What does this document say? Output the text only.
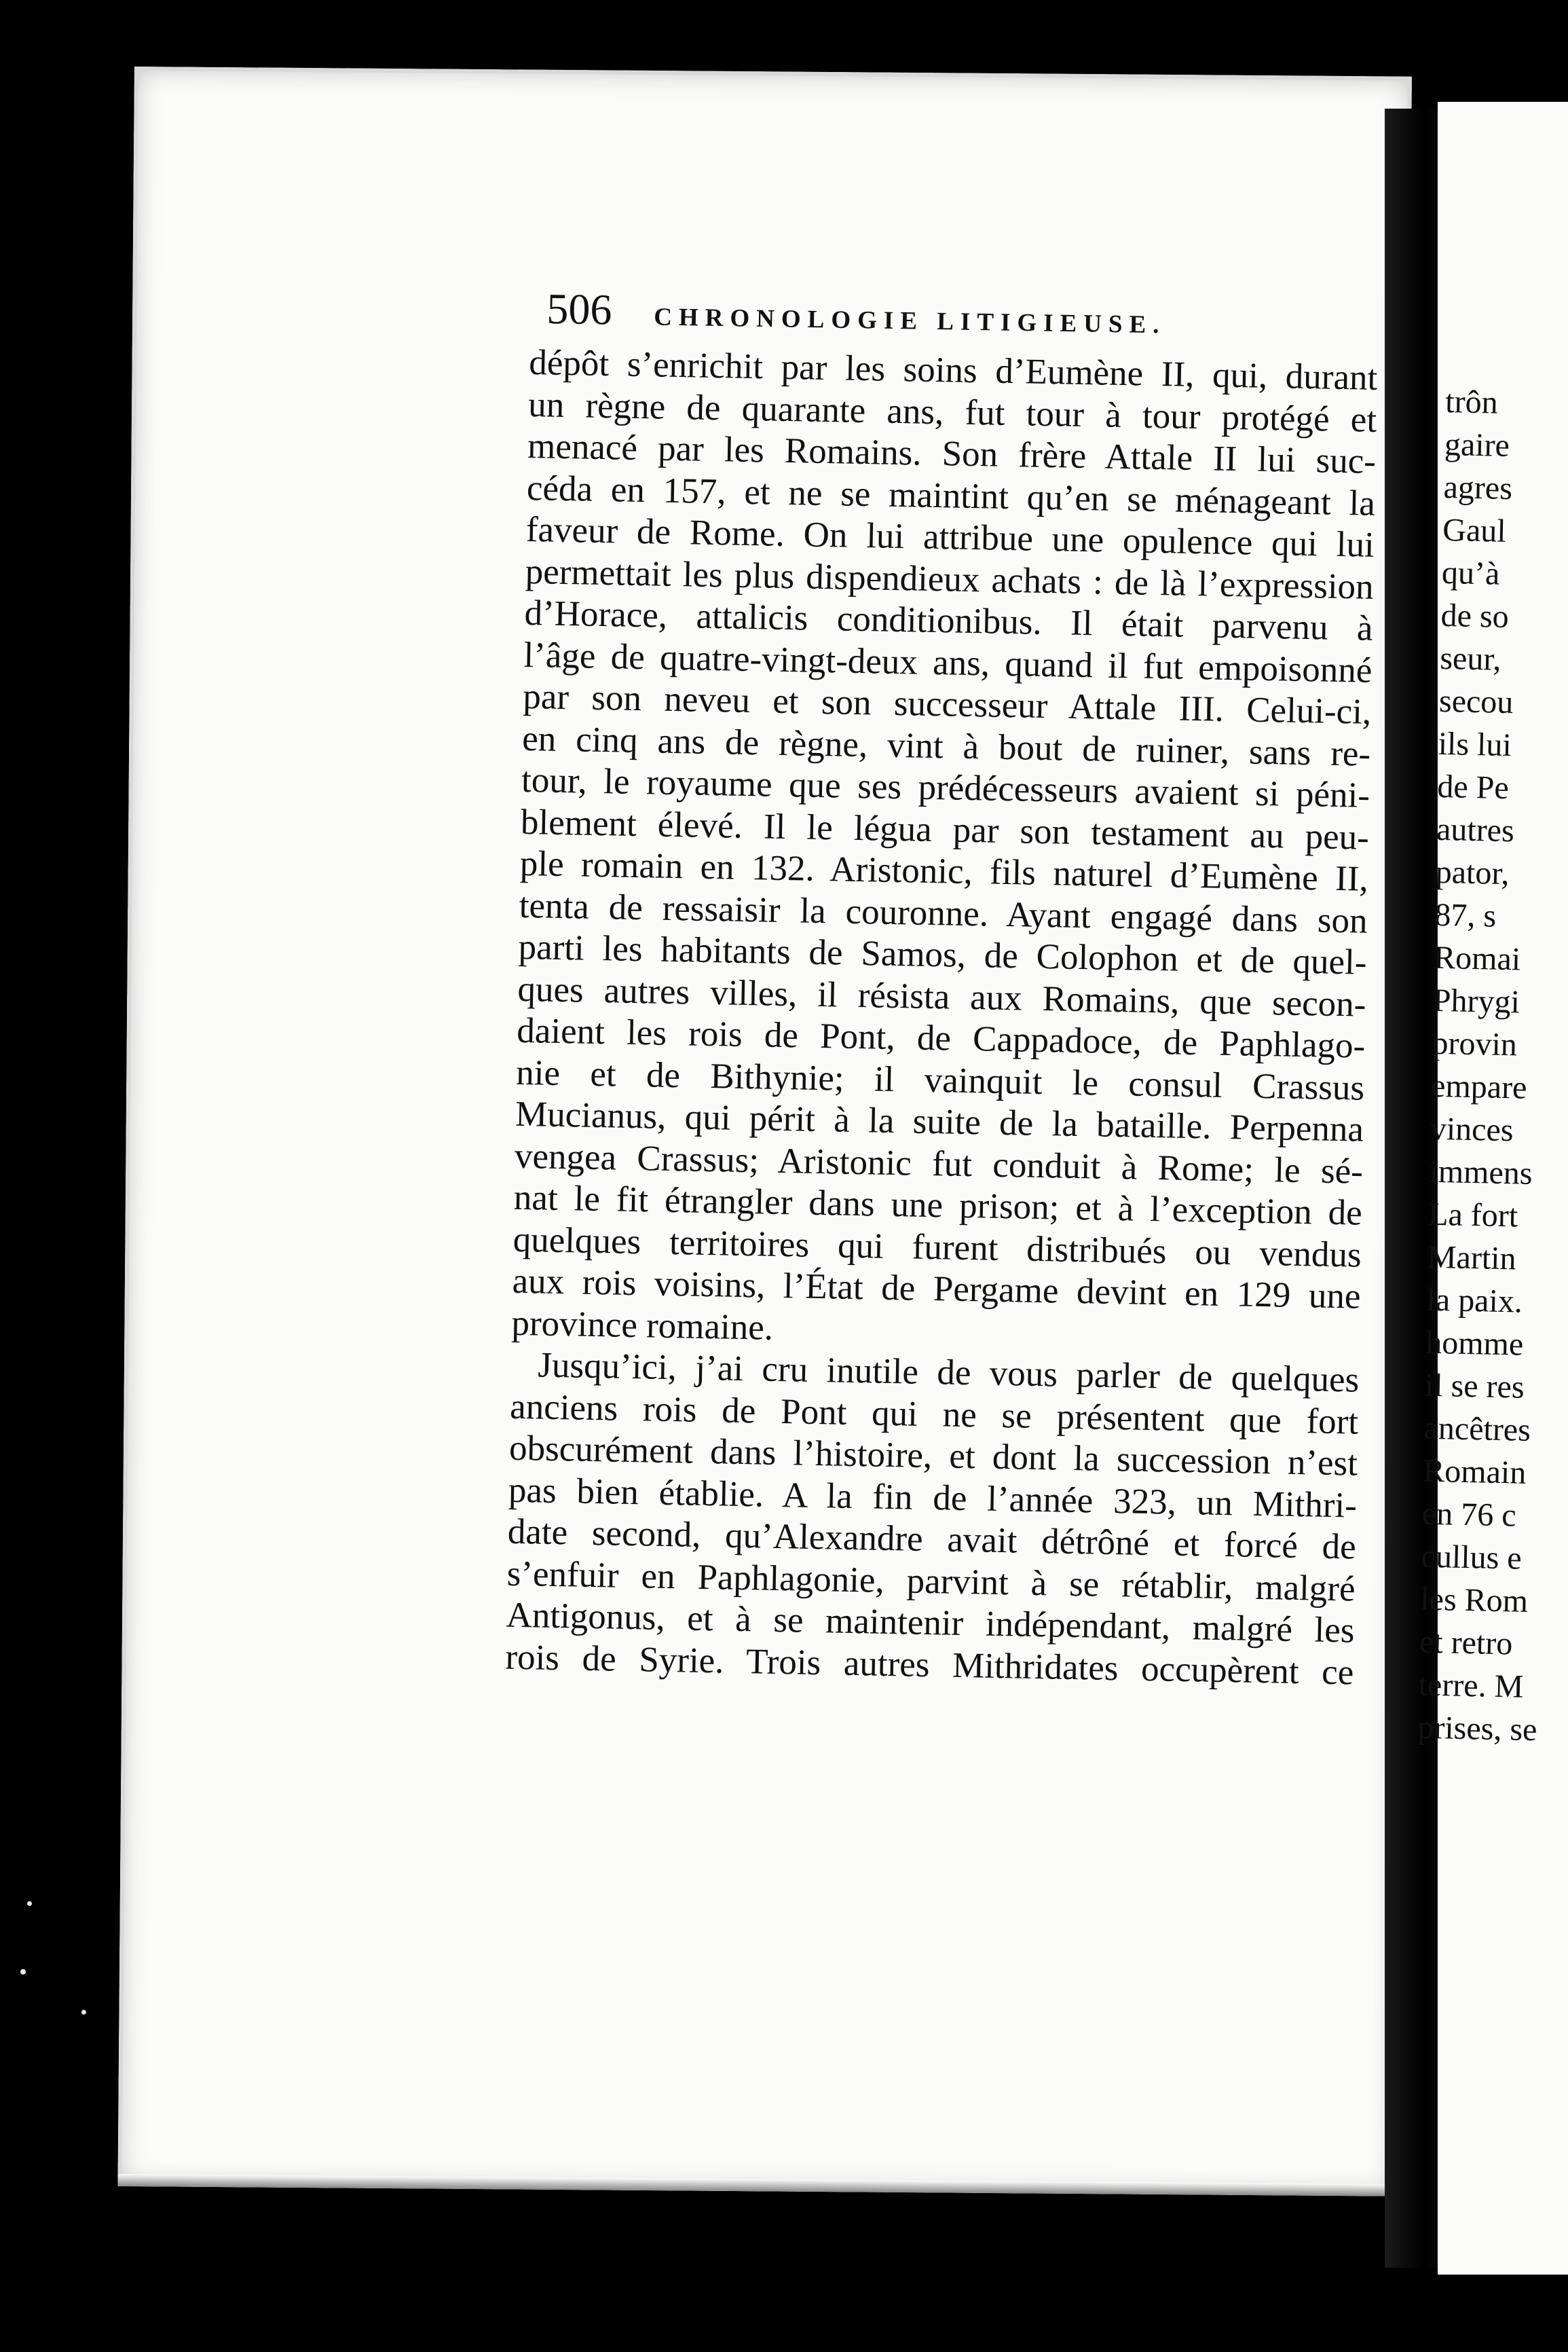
506 CHRONOLOGIE LITIGIEUSE.
dépôt s’enrichit par les soins d’Eumène II, qui, durant
un règne de quarante ans, fut tour à tour protégé et
menacé par les Romains. Son frère Attale II lui suc-
céda en 157, et ne se maintint qu’en se ménageant la
faveur de Rome. On lui attribue une opulence qui lui
permettait les plus dispendieux achats : de là l’expression
d’Horace, attalicis conditionibus. Il était parvenu à
l’âge de quatre-vingt-deux ans, quand il fut empoisonné
par son neveu et son successeur Attale III. Celui-ci,
en cinq ans de règne, vint à bout de ruiner, sans re-
tour, le royaume que ses prédécesseurs avaient si péni-
blement élevé. Il le légua par son testament au peu-
ple romain en 132. Aristonic, fils naturel d’Eumène II,
tenta de ressaisir la couronne. Ayant engagé dans son
parti les habitants de Samos, de Colophon et de quel-
ques autres villes, il résista aux Romains, que secon-
daient les rois de Pont, de Cappadoce, de Paphlago-
nie et de Bithynie; il vainquit le consul Crassus
Mucianus, qui périt à la suite de la bataille. Perpenna
vengea Crassus; Aristonic fut conduit à Rome; le sé-
nat le fit étrangler dans une prison; et à l’exception de
quelques territoires qui furent distribués ou vendus
aux rois voisins, l’État de Pergame devint en 129 une
province romaine.
Jusqu’ici, j’ai cru inutile de vous parler de quelques
anciens rois de Pont qui ne se présentent que fort
obscurément dans l’histoire, et dont la succession n’est
pas bien établie. A la fin de l’année 323, un Mithri-
date second, qu’Alexandre avait détrôné et forcé de
s’enfuir en Paphlagonie, parvint à se rétablir, malgré
Antigonus, et à se maintenir indépendant, malgré les
rois de Syrie. Trois autres Mithridates occupèrent ce
trôn
gaire
agres
Gaul
qu’à
de so
seur,
secou
ils lui
de Pe
autres
pator,
87, s
Romai
Phrygi
provin
empare
vinces
immens
La fort
Martin
la paix.
homme
il se res
ancêtres
Romain
en 76 c
cullus e
les Rom
et retro
terre. M
prises, se
